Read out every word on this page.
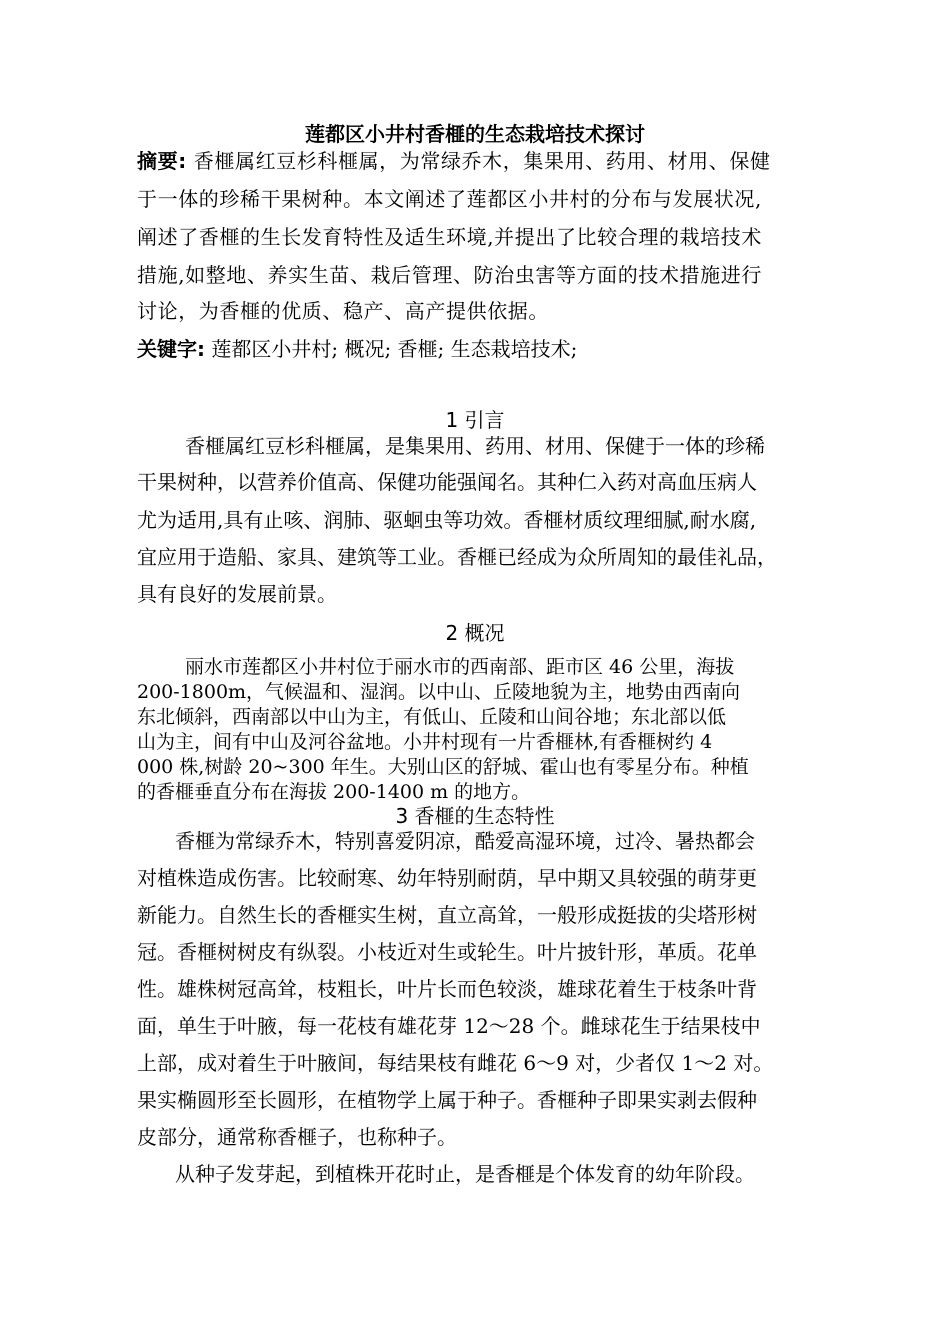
莲都区小井村香榧的生态栽培技术探讨
摘要: 香榧属红豆杉科榧属，为常绿乔木，集果用、药用、材用、保健
于一体的珍稀干果树种。本文阐述了莲都区小井村的分布与发展状况,
阐述了香榧的生长发育特性及适生环境,并提出了比较合理的栽培技术
措施,如整地、养实生苗、栽后管理、防治虫害等方面的技术措施进行
讨论，为香榧的优质、稳产、高产提供依据。
关键字: 莲都区小井村; 概况; 香榧; 生态栽培技术;
1 引言
香榧属红豆杉科榧属，是集果用、药用、材用、保健于一体的珍稀
干果树种，以营养价值高、保健功能强闻名。其种仁入药对高血压病人
尤为适用,具有止咳、润肺、驱蛔虫等功效。香榧材质纹理细腻,耐水腐,
宜应用于造船、家具、建筑等工业。香榧已经成为众所周知的最佳礼品，
具有良好的发展前景。
2 概况
丽水市莲都区小井村位于丽水市的西南部、距市区 46 公里，海拔
200-1800m，气候温和、湿润。以中山、丘陵地貌为主，地势由西南向
东北倾斜，西南部以中山为主，有低山、丘陵和山间谷地；东北部以低
山为主，间有中山及河谷盆地。小井村现有一片香榧林,有香榧树约 4
000 株,树龄 20~300 年生。大别山区的舒城、霍山也有零星分布。种植
的香榧垂直分布在海拔 200-1400 m 的地方。
3 香榧的生态特性
香榧为常绿乔木，特别喜爱阴凉，酷爱高湿环境，过冷、暑热都会
对植株造成伤害。比较耐寒、幼年特别耐荫，早中期又具较强的萌芽更
新能力。自然生长的香榧实生树，直立高耸，一般形成挺拔的尖塔形树
冠。香榧树树皮有纵裂。小枝近对生或轮生。叶片披针形，革质。花单
性。雄株树冠高耸，枝粗长，叶片长而色较淡，雄球花着生于枝条叶背
面，单生于叶腋，每一花枝有雄花芽 12～28 个。雌球花生于结果枝中
上部，成对着生于叶腋间，每结果枝有雌花 6～9 对，少者仅 1～2 对。
果实椭圆形至长圆形，在植物学上属于种子。香榧种子即果实剥去假种
皮部分，通常称香榧子，也称种子。
从种子发芽起，到植株开花时止，是香榧是个体发育的幼年阶段。
